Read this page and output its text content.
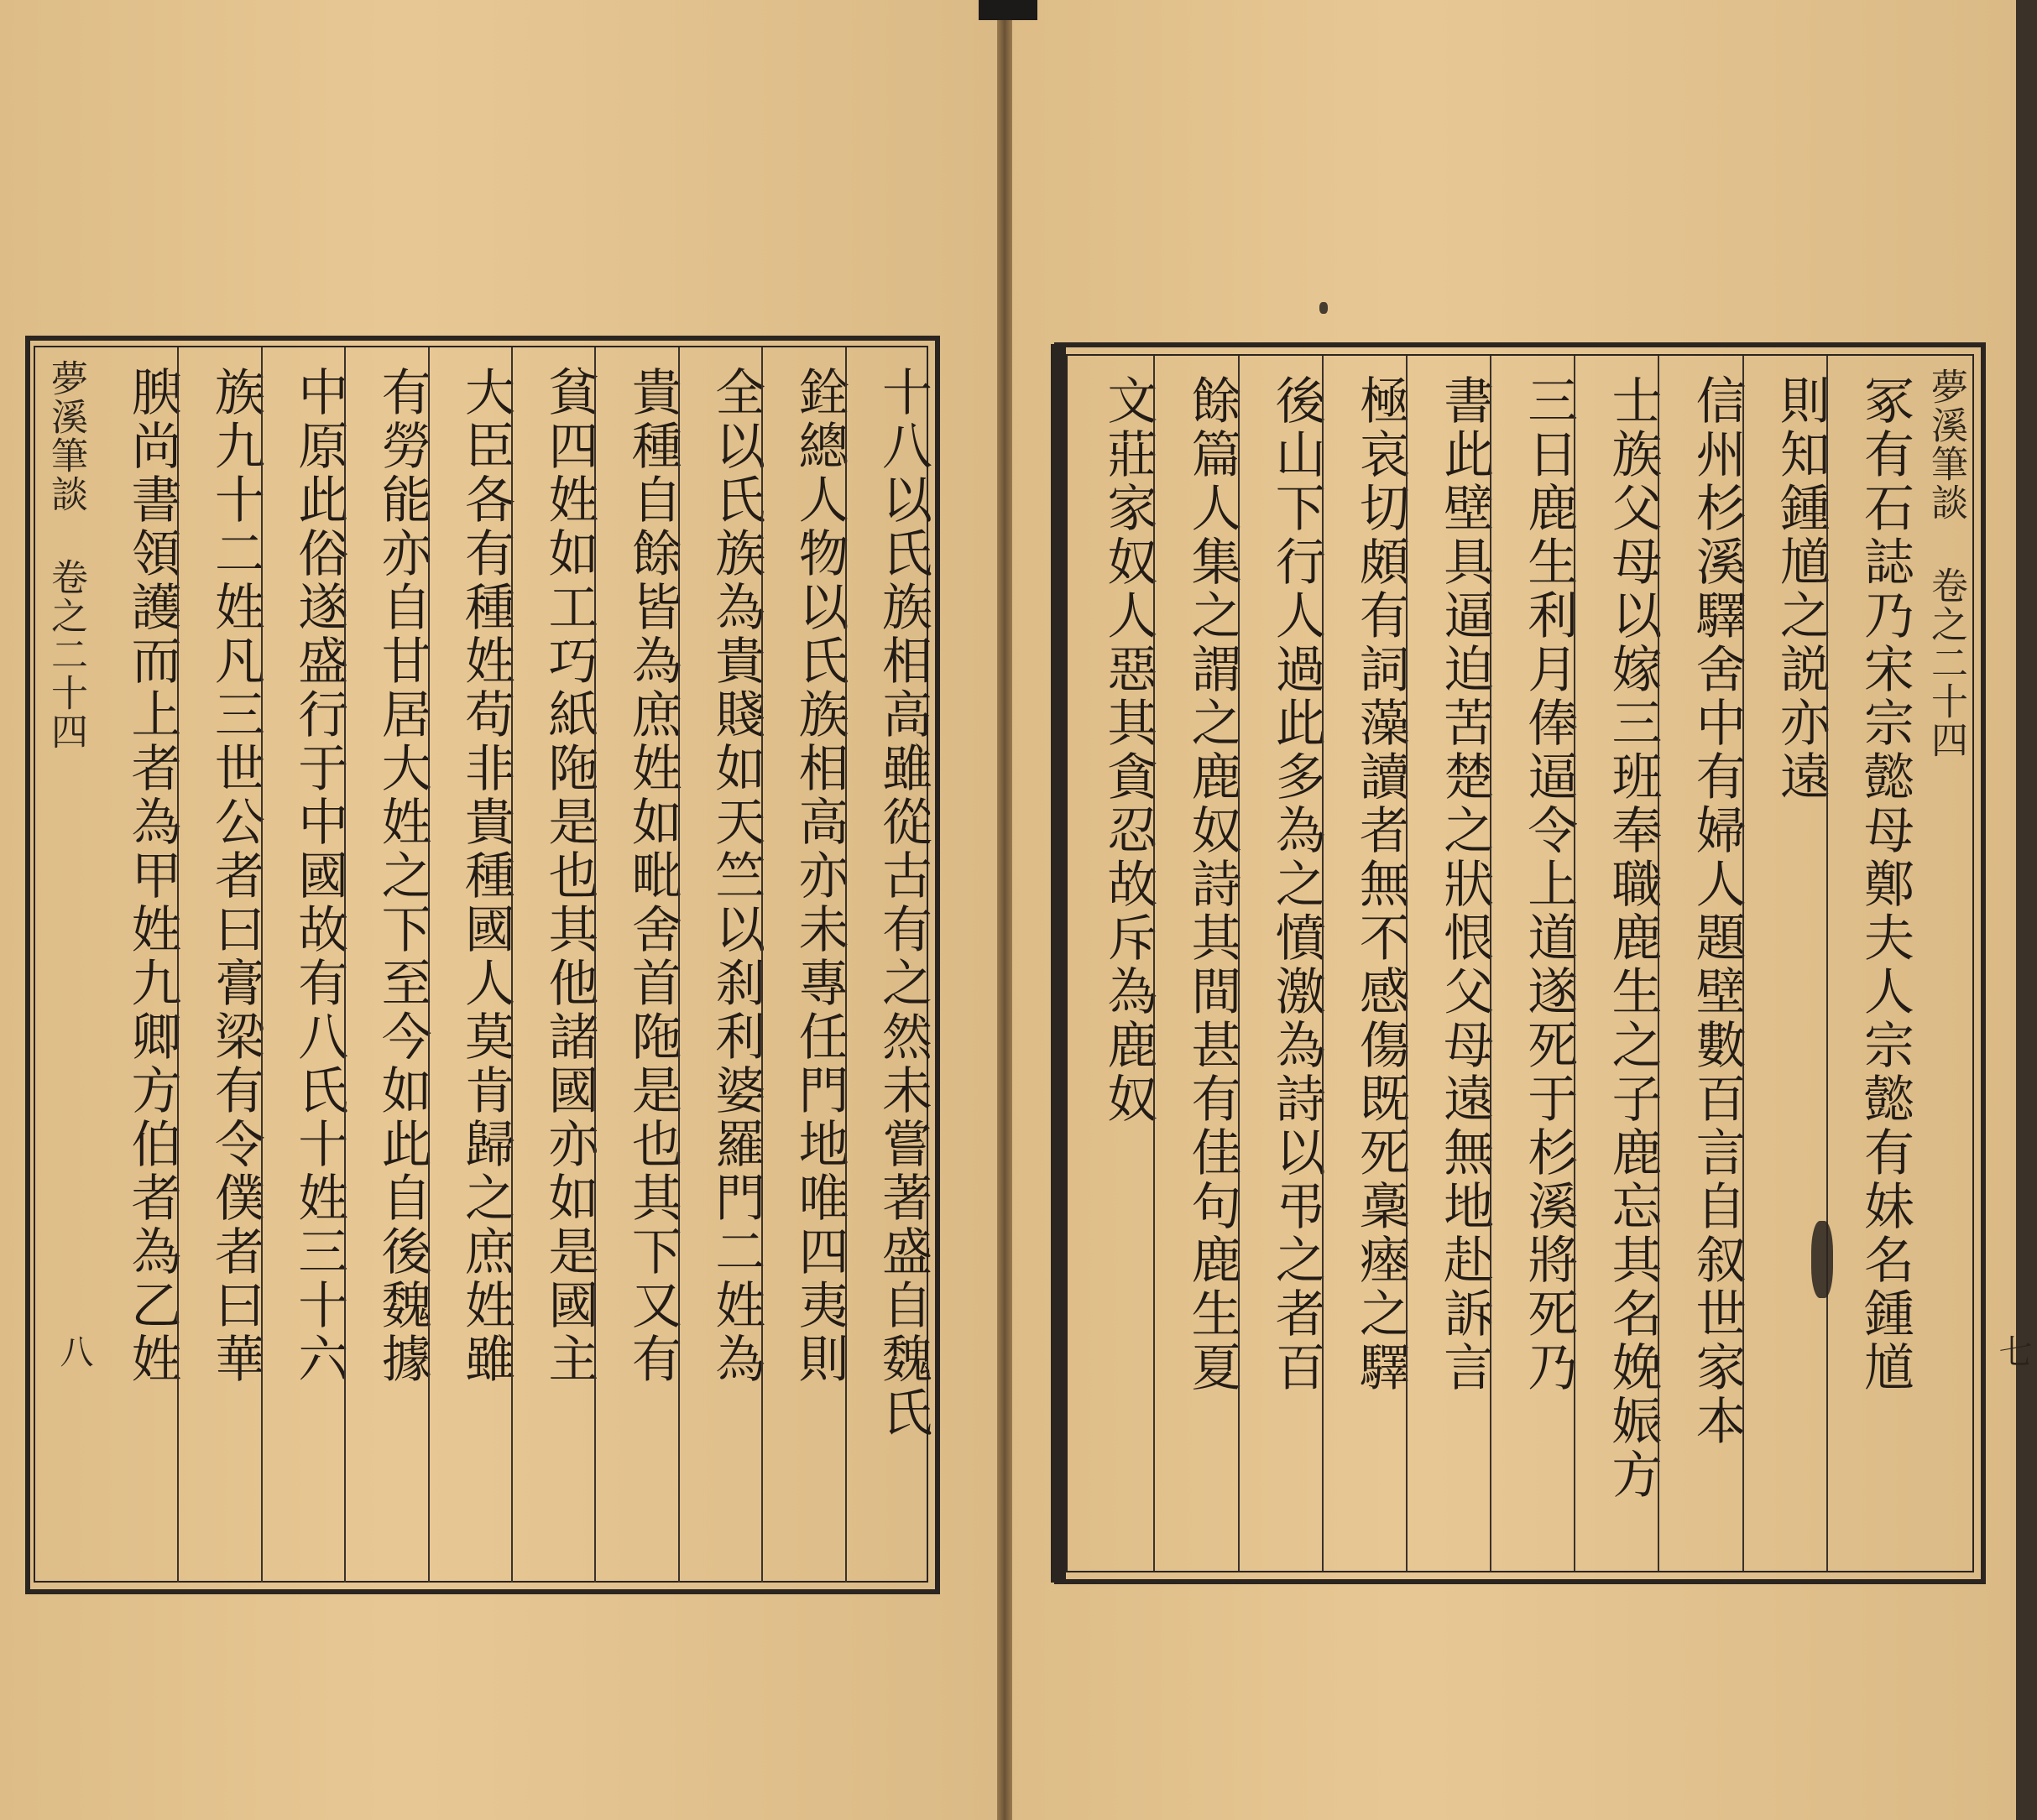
夢溪筆談 卷之二十四
八	十八以氏族相高雖從古有之然未嘗著盛自魏氏
銓總人物以氏族相高亦未專任門地唯四夷則
全以氏族為貴賤如天竺以刹利婆羅門二姓為
貴種自餘皆為庶姓如毗舍首陁是也其下又有
貧四姓如工巧紙陁是也其他諸國亦如是國主
大臣各有種姓苟非貴種國人莫肯歸之庶姓雖
有勞能亦自甘居大姓之下至今如此自後魏據
中原此俗遂盛行于中國故有八氏十姓三十六
族九十二姓凡三世公者曰膏梁有令僕者曰華
腴尚書領護而上者為甲姓九卿方伯者為乙姓	夢溪筆談 卷之二十四
七
冢有石誌乃宋宗懿母鄭夫人宗懿有妹名鍾馗
則知鍾馗之説亦遠
信州杉溪驛舍中有婦人題壁數百言自叙世家本
士族父母以嫁三班奉職鹿生之子鹿忘其名娩娠方
三日鹿生利月俸逼令上道遂死于杉溪將死乃
書此壁具逼迫苦楚之狀恨父母遠無地赴訴言
極哀切頗有詞藻讀者無不感傷既死稾瘞之驛
後山下行人過此多為之憤激為詩以弔之者百
餘篇人集之謂之鹿奴詩其間甚有佳句鹿生夏
文莊家奴人惡其貪忍故斥為鹿奴
